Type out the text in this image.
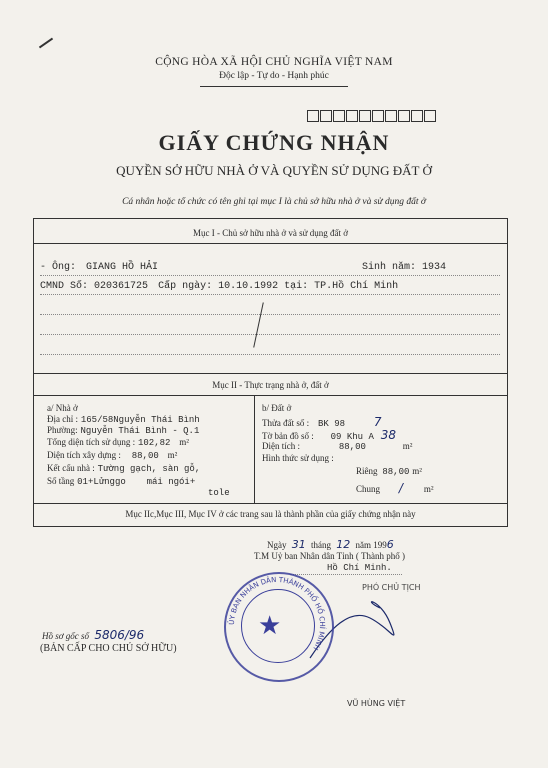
CỘNG HÒA XÃ HỘI CHỦ NGHĨA VIỆT NAM
Độc lập - Tự do - Hạnh phúc
GIẤY CHỨNG NHẬN
QUYỀN SỞ HỮU NHÀ Ở VÀ QUYỀN SỬ DỤNG ĐẤT Ở
Cá nhân hoặc tổ chức có tên ghi tại mục I là chủ sở hữu nhà ở và sử dụng đất ở
Mục I - Chủ sở hữu nhà ở và sử dụng đất ở
- Ông: GIANG HỒ HẢI	Sinh năm: 1934
CMND Số: 020361725 Cấp ngày: 10.10.1992 tại: TP.Hồ Chí Minh
Mục II - Thực trạng nhà ở, đất ở
a/ Nhà ở
Địa chỉ : 165/58Nguyễn Thái Bình
Phường: Nguyễn Thái Bình - Q.1
Tổng diện tích sử dụng : 102,82 m²
Diện tích xây dựng : 88,00 m²
Kết cấu nhà : Tường gạch, sàn gỗ,
Số tầng 01+Lửnggo mái ngói+
tole
b/ Đất ở
Thửa đất số : BK 98 7
Tờ bản đồ số : 09 Khu A 38
Diện tích :	88,00	m²
Hình thức sử dụng :
Riêng 88,00 m²
Chung / m²
Mục IIc,Mục III, Mục IV ở các trang sau là thành phần của giấy chứng nhận này
Ngày 31 tháng 12 năm 1996
T.M Uỷ ban Nhân dân Tỉnh ( Thành phố )
Hồ Chí Minh.
PHÓ CHỦ TỊCH
★
ỦY BAN NHÂN DÂN THÀNH PHỐ HỒ CHÍ MINH
VŨ HÙNG VIỆT
Hồ sơ gốc số 5806/96
(BẢN CẤP CHO CHỦ SỞ HỮU)
